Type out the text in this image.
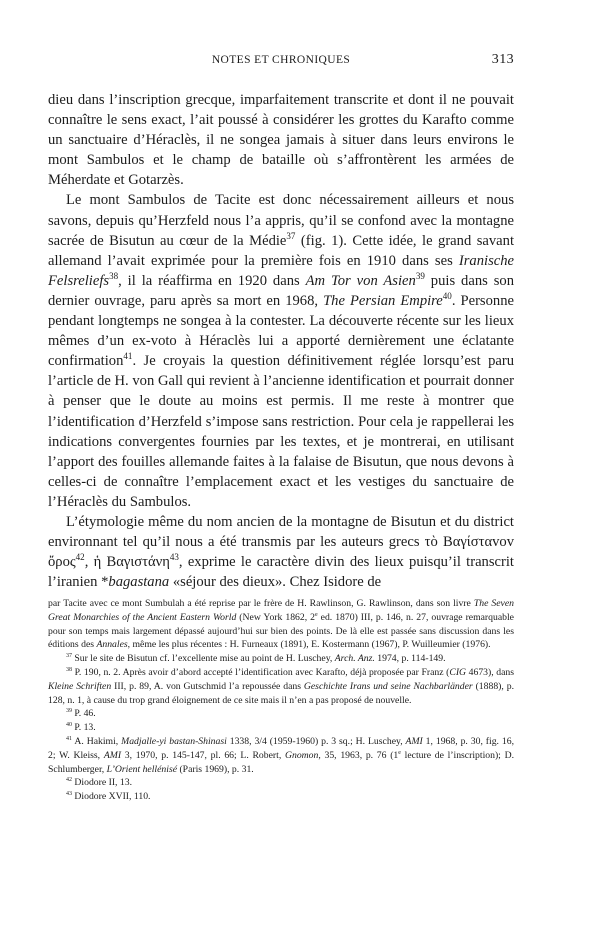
NOTES ET CHRONIQUES	313

dieu dans l’inscription grecque, imparfaitement transcrite et dont il ne pouvait connaître le sens exact, l’ait poussé à considérer les grottes du Karafto comme un sanctuaire d’Héraclès, il ne songea jamais à situer dans leurs environs le mont Sambulos et le champ de bataille où s’affrontèrent les armées de Méherdate et Gotarzès.

Le mont Sambulos de Tacite est donc nécessairement ailleurs et nous savons, depuis qu’Herzfeld nous l’a appris, qu’il se confond avec la montagne sacrée de Bisutun au cœur de la Médie$^{37}$ (fig. 1). Cette idée, le grand savant allemand l’avait exprimée pour la première fois en 1910 dans ses Iranische Felsreliefs$^{38}$, il la réaffirma en 1920 dans Am Tor von Asien$^{39}$ puis dans son dernier ouvrage, paru après sa mort en 1968, The Persian Empire$^{40}$. Personne pendant longtemps ne songea à la contester. La découverte récente sur les lieux mêmes d’un ex-voto à Héraclès lui a apporté dernièrement une éclatante confirmation$^{41}$. Je croyais la question définitivement réglée lorsqu’est paru l’article de H. von Gall qui revient à l’ancienne identification et pourrait donner à penser que le doute au moins est permis. Il me reste à montrer que l’identification d’Herzfeld s’impose sans restriction. Pour cela je rappellerai les indications convergentes fournies par les textes, et je montrerai, en utilisant l’apport des fouilles allemande faites à la falaise de Bisutun, que nous devons à celles-ci de connaître l’emplacement exact et les vestiges du sanctuaire de l’Héraclès du Sambulos.

L’étymologie même du nom ancien de la montagne de Bisutun et du district environnant tel qu’il nous a été transmis par les auteurs grecs τὸ Βαγίσταvov ὄρος$^{42}$, ἡ Βαγιστάνη$^{43}$, exprime le caractère divin des lieux puisqu’il transcrit l’iranien *bagastana «séjour des dieux». Chez Isidore de

par Tacite avec ce mont Sumbulah a été reprise par le frère de H. Rawlinson, G. Rawlinson, dans son livre The Seven Great Monarchies of the Ancient Eastern World (New York 1862, 2e ed. 1870) III, p. 146, n. 27, ouvrage remarquable pour son temps mais largement dépassé aujourd’hui sur bien des points. De là elle est passée sans discussion dans les éditions des Annales, même les plus récentes : H. Furneaux (1891), E. Kostermann (1967), P. Wuilleumier (1976).

$^{37}$ Sur le site de Bisutun cf. l’excellente mise au point de H. Luschey, Arch. Anz. 1974, p. 114-149.

$^{38}$ P. 190, n. 2. Après avoir d’abord accepté l’identification avec Karafto, déjà proposée par Franz (CIG 4673), dans Kleine Schriften III, p. 89, A. von Gutschmid l’a repoussée dans Geschichte Irans und seine Nachbarländer (1888), p. 128, n. 1, à cause du trop grand éloignement de ce site mais il n’en a pas proposé de nouvelle.

$^{39}$ P. 46.

$^{40}$ P. 13.

$^{41}$ A. Hakimi, Madjalle-yi bastan-Shinasi 1338, 3/4 (1959-1960) p. 3 sq.; H. Luschey, AMI 1, 1968, p. 30, fig. 16, 2; W. Kleiss, AMI 3, 1970, p. 145-147, pl. 66; L. Robert, Gnomon, 35, 1963, p. 76 (1e lecture de l’inscription); D. Schlumberger, L’Orient hellénisé (Paris 1969), p. 31.

$^{42}$ Diodore II, 13.

$^{43}$ Diodore XVII, 110.
